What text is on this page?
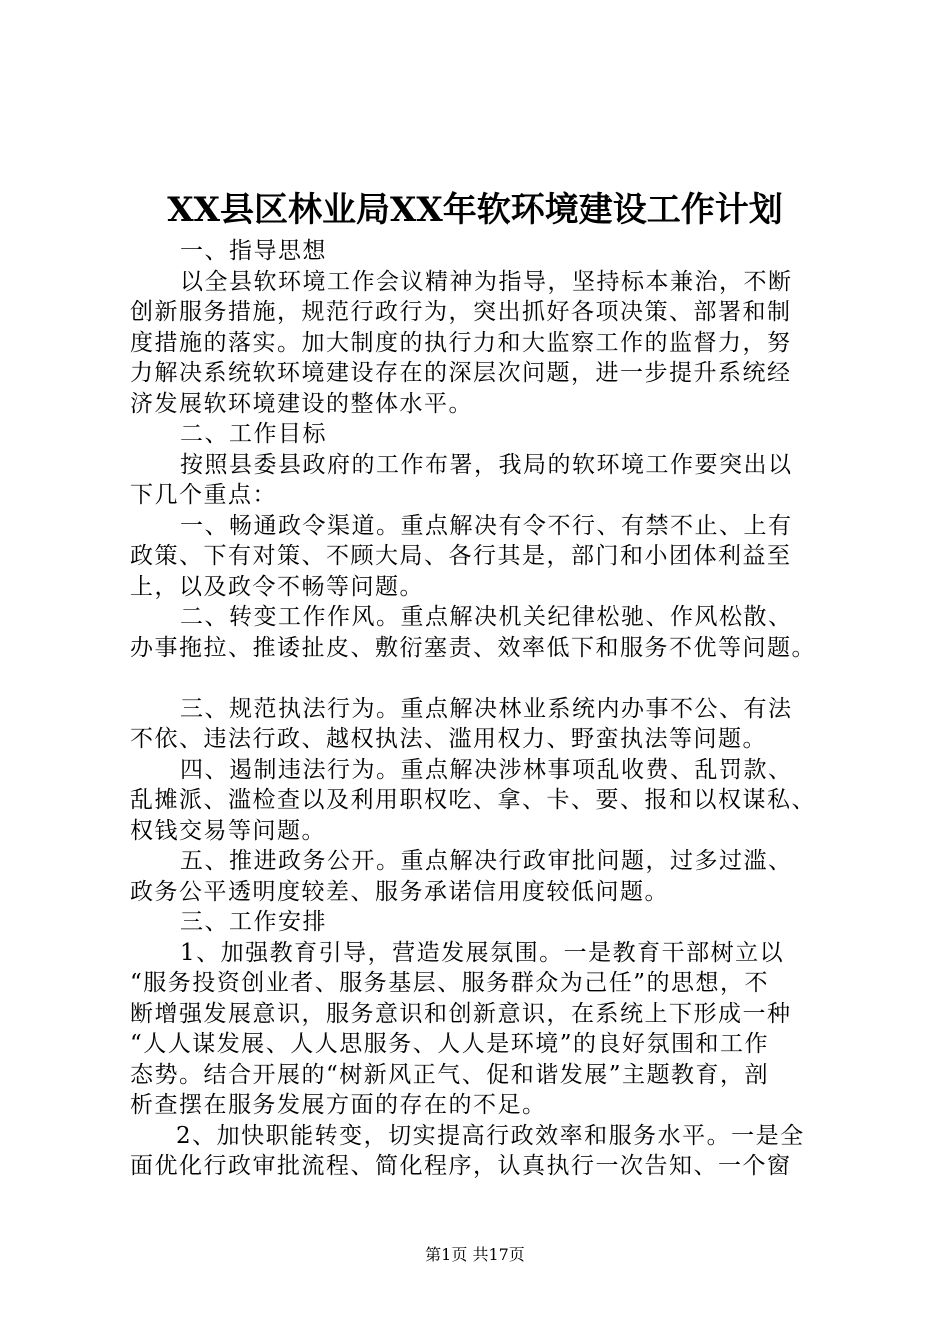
XX县区林业局XX年软环境建设工作计划
一、指导思想
以全县软环境工作会议精神为指导，坚持标本兼治，不断
创新服务措施，规范行政行为，突出抓好各项决策、部署和制
度措施的落实。加大制度的执行力和大监察工作的监督力，努
力解决系统软环境建设存在的深层次问题，进一步提升系统经
济发展软环境建设的整体水平。
二、工作目标
按照县委县政府的工作布署，我局的软环境工作要突出以
下几个重点：
一、畅通政令渠道。重点解决有令不行、有禁不止、上有
政策、下有对策、不顾大局、各行其是，部门和小团体利益至
上，以及政令不畅等问题。
二、转变工作作风。重点解决机关纪律松驰、作风松散、
办事拖拉、推诿扯皮、敷衍塞责、效率低下和服务不优等问题。
三、规范执法行为。重点解决林业系统内办事不公、有法
不依、违法行政、越权执法、滥用权力、野蛮执法等问题。
四、遏制违法行为。重点解决涉林事项乱收费、乱罚款、
乱摊派、滥检查以及利用职权吃、拿、卡、要、报和以权谋私、
权钱交易等问题。
五、推进政务公开。重点解决行政审批问题，过多过滥、
政务公平透明度较差、服务承诺信用度较低问题。
三、工作安排
1、加强教育引导，营造发展氛围。一是教育干部树立以
“服务投资创业者、服务基层、服务群众为己任”的思想，不
断增强发展意识，服务意识和创新意识，在系统上下形成一种
“人人谋发展、人人思服务、人人是环境”的良好氛围和工作
态势。结合开展的“树新风正气、促和谐发展”主题教育，剖
析查摆在服务发展方面的存在的不足。
2、加快职能转变，切实提高行政效率和服务水平。一是全
面优化行政审批流程、简化程序，认真执行一次告知、一个窗
第1页 共17页
